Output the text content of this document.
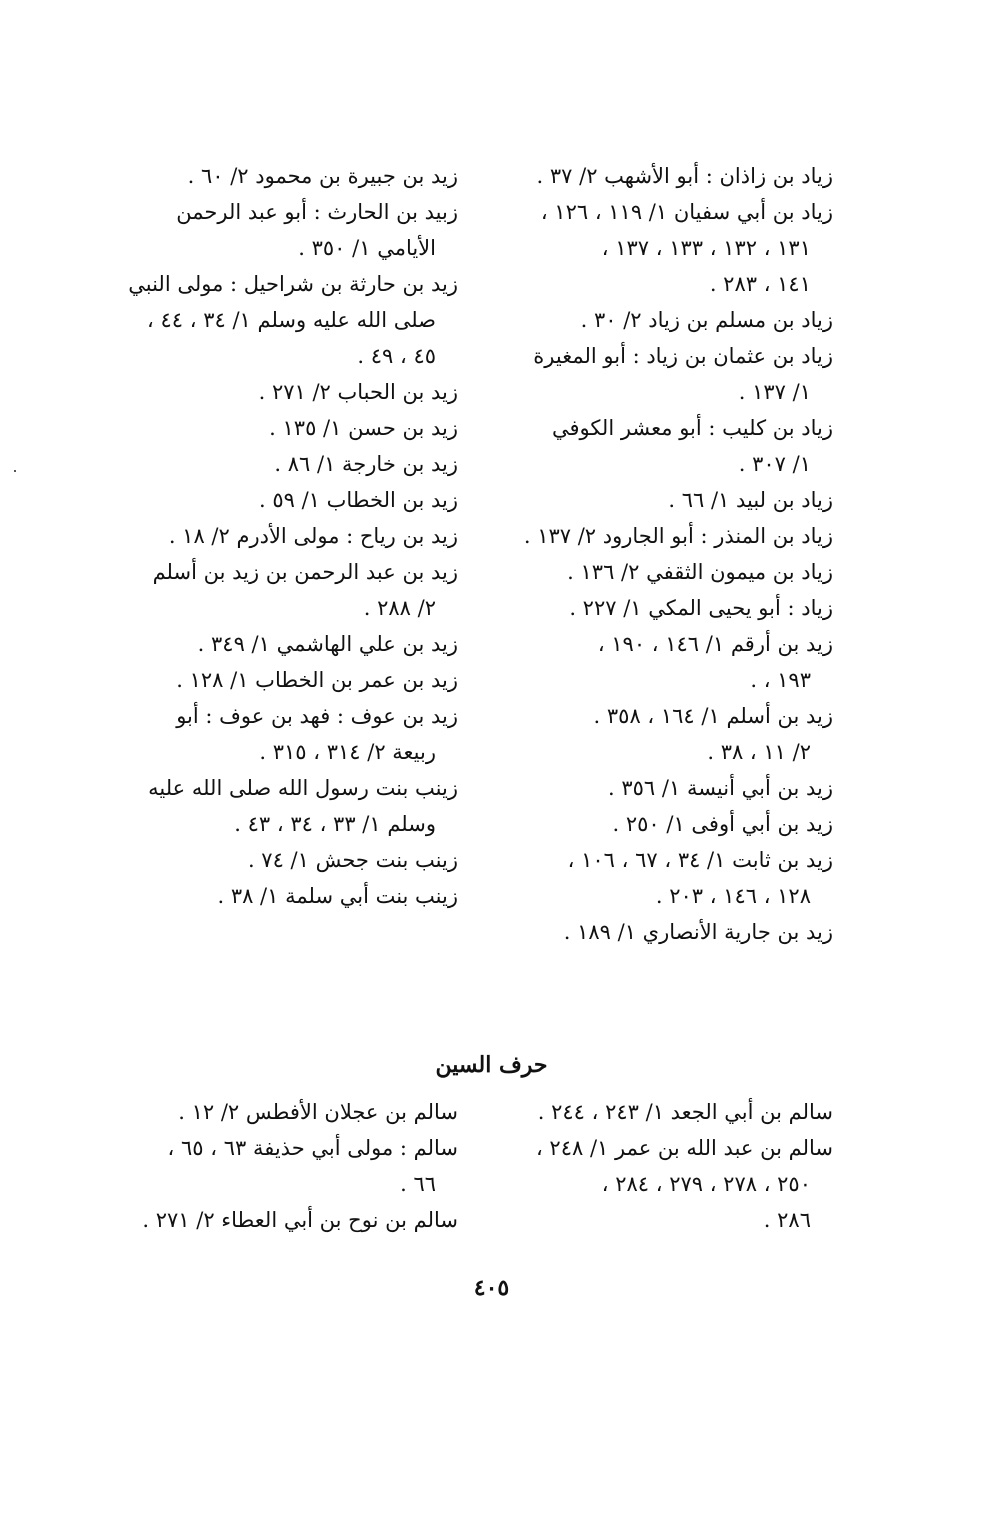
زياد بن زاذان : أبو الأشهب ٢/ ٣٧ .
زياد بن أبي سفيان ١/ ١١٩ ، ١٢٦ ،
١٣١ ، ١٣٢ ، ١٣٣ ، ١٣٧ ،
١٤١ ، ٢٨٣ .
زياد بن مسلم بن زياد ٢/ ٣٠ .
زياد بن عثمان بن زياد : أبو المغيرة
١/ ١٣٧ .
زياد بن كليب : أبو معشر الكوفي
١/ ٣٠٧ .
زياد بن لبيد ١/ ٦٦ .
زياد بن المنذر : أبو الجارود ٢/ ١٣٧ .
زياد بن ميمون الثقفي ٢/ ١٣٦ .
زياد : أبو يحيى المكي ١/ ٢٢٧ .
زيد بن أرقم ١/ ١٤٦ ، ١٩٠ ،
١٩٣ ، .
زيد بن أسلم ١/ ١٦٤ ، ٣٥٨ .
٢/ ١١ ، ٣٨ .
زيد بن أبي أنيسة ١/ ٣٥٦ .
زيد بن أبي أوفى ١/ ٢٥٠ .
زيد بن ثابت ١/ ٣٤ ، ٦٧ ، ١٠٦ ،
١٢٨ ، ١٤٦ ، ٢٠٣ .
زيد بن جارية الأنصاري ١/ ١٨٩ .
زيد بن جبيرة بن محمود ٢/ ٦٠ .
زبيد بن الحارث : أبو عبد الرحمن
الأيامي ١/ ٣٥٠ .
زيد بن حارثة بن شراحيل : مولى النبي
صلى الله عليه وسلم ١/ ٣٤ ، ٤٤ ،
٤٥ ، ٤٩ .
زيد بن الحباب ٢/ ٢٧١ .
زيد بن حسن ١/ ١٣٥ .
زيد بن خارجة ١/ ٨٦ .
زيد بن الخطاب ١/ ٥٩ .
زيد بن رياح : مولى الأدرم ٢/ ١٨ .
زيد بن عبد الرحمن بن زيد بن أسلم
٢/ ٢٨٨ .
زيد بن علي الهاشمي ١/ ٣٤٩ .
زيد بن عمر بن الخطاب ١/ ١٢٨ .
زيد بن عوف : فهد بن عوف : أبو
ربيعة ٢/ ٣١٤ ، ٣١٥ .
زينب بنت رسول الله صلى الله عليه
وسلم ١/ ٣٣ ، ٣٤ ، ٤٣ .
زينب بنت جحش ١/ ٧٤ .
زينب بنت أبي سلمة ١/ ٣٨ .
حرف السين
سالم بن أبي الجعد ١/ ٢٤٣ ، ٢٤٤ .
سالم بن عبد الله بن عمر ١/ ٢٤٨ ،
٢٥٠ ، ٢٧٨ ، ٢٧٩ ، ٢٨٤ ،
٢٨٦ .
سالم بن عجلان الأفطس ٢/ ١٢ .
سالم : مولى أبي حذيفة ٦٣ ، ٦٥ ،
٦٦ .
سالم بن نوح بن أبي العطاء ٢/ ٢٧١ .
٤٠٥
